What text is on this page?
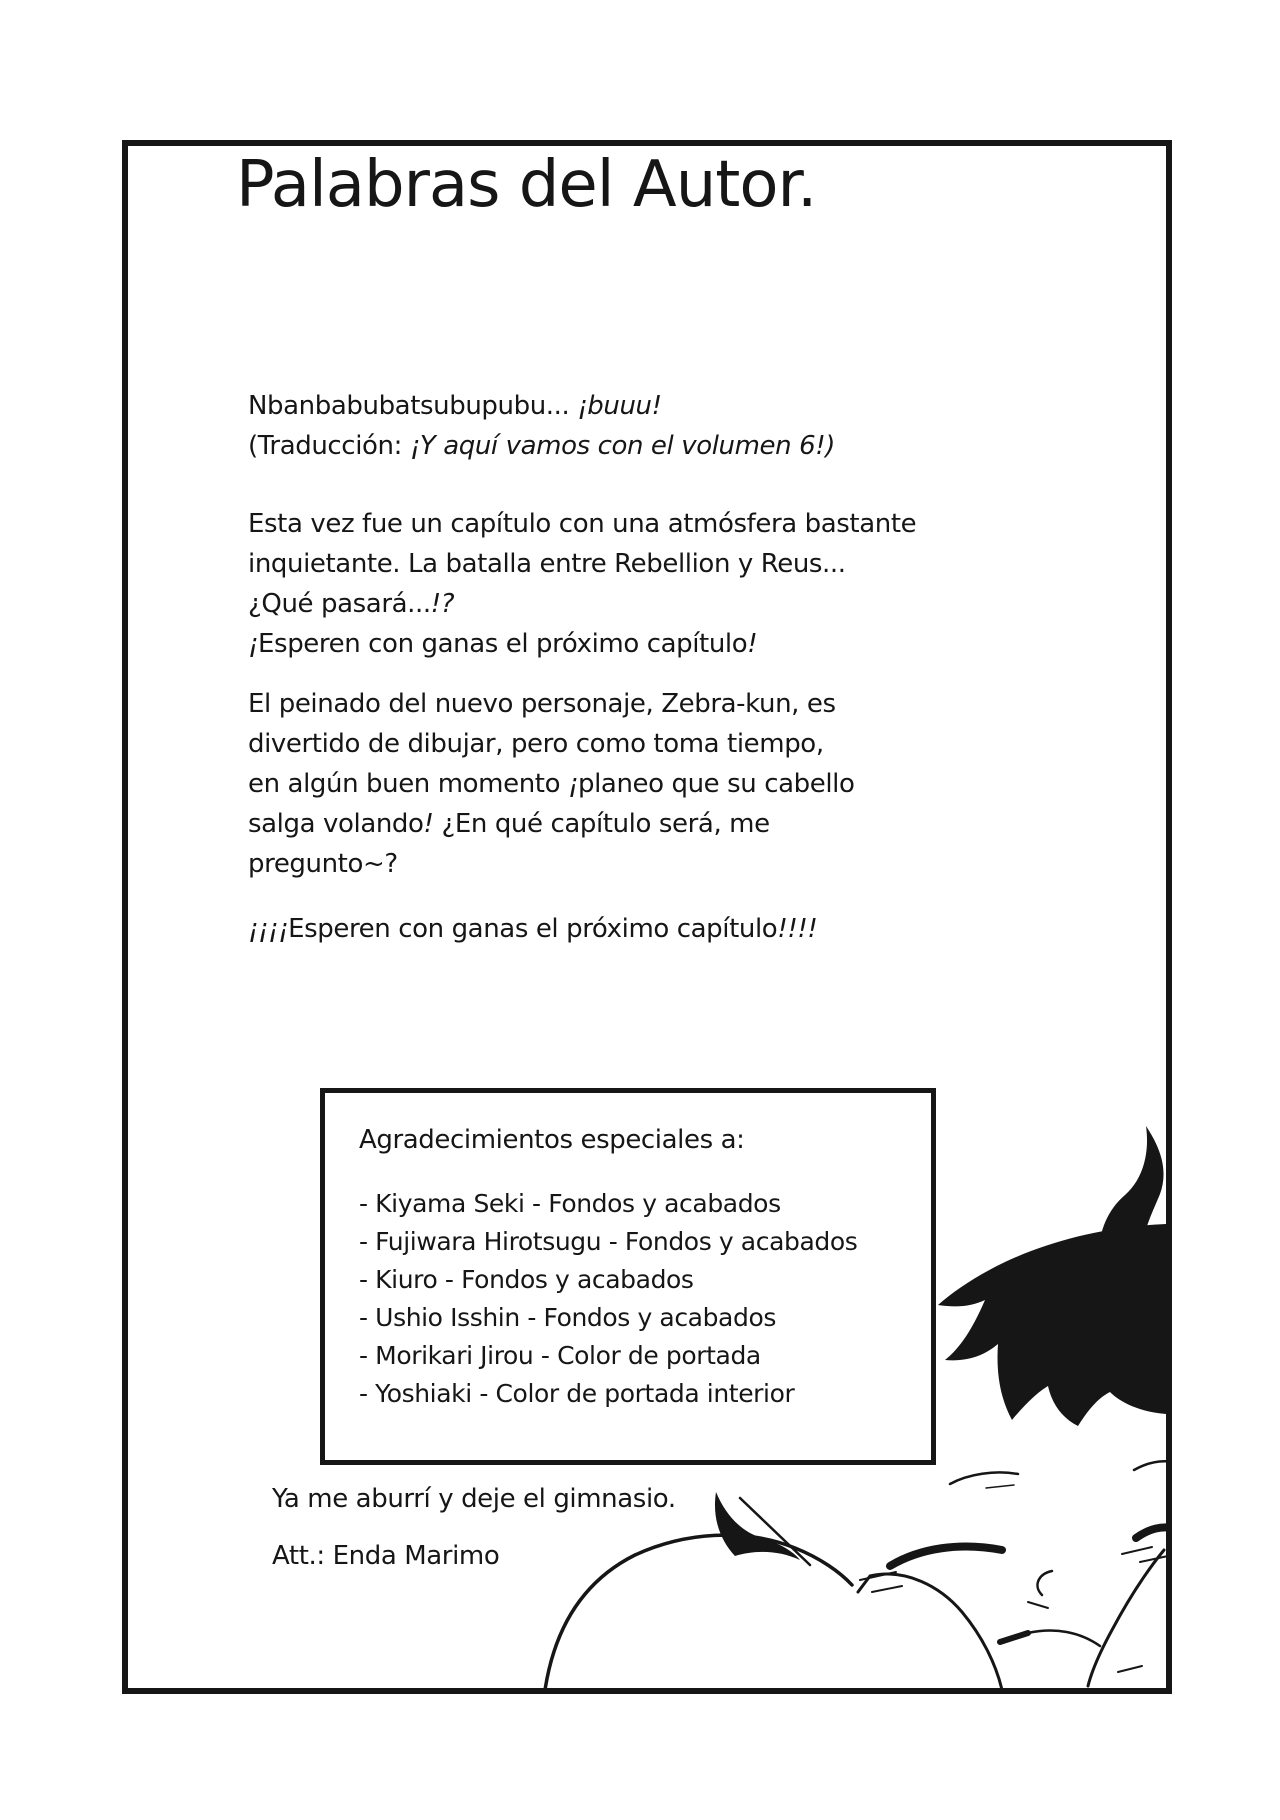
Palabras del Autor.
Nbanbabubatsubupubu... ¡buuu!
(Traducción: ¡Y aquí vamos con el volumen 6!)
Esta vez fue un capítulo con una atmósfera bastante
inquietante. La batalla entre Rebellion y Reus...
¿Qué pasará...!?
¡Esperen con ganas el próximo capítulo!
El peinado del nuevo personaje, Zebra-kun, es
divertido de dibujar, pero como toma tiempo,
en algún buen momento ¡planeo que su cabello
salga volando! ¿En qué capítulo será, me
pregunto~?
¡¡¡¡Esperen con ganas el próximo capítulo!!!!

Agradecimientos especiales a:

- Kiyama Seki - Fondos y acabados
- Fujiwara Hirotsugu - Fondos y acabados
- Kiuro - Fondos y acabados
- Ushio Isshin - Fondos y acabados
- Morikari Jirou - Color de portada
- Yoshiaki - Color de portada interior
Ya me aburrí y deje el gimnasio.
Att.: Enda Marimo
